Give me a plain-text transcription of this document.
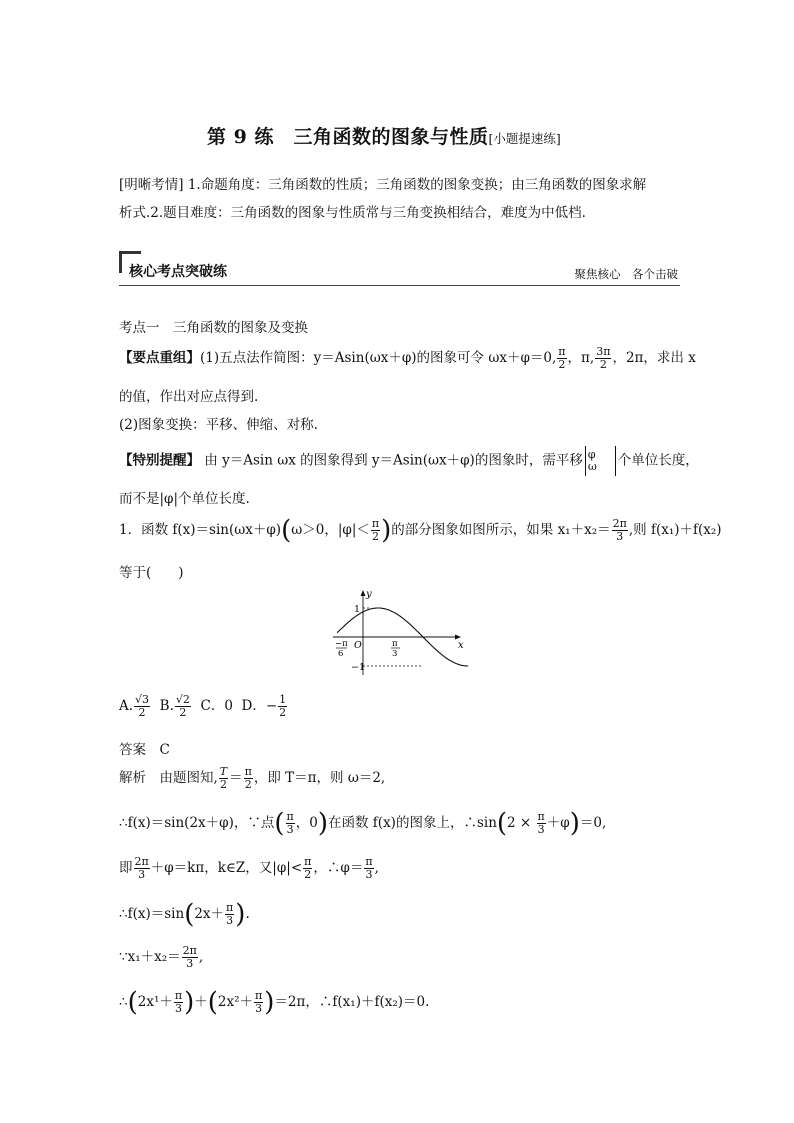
第 9 练　三角函数的图象与性质[小题提速练]
[明晰考情] 1.命题角度：三角函数的性质；三角函数的图象变换；由三角函数的图象求解
析式.2.题目难度：三角函数的图象与性质常与三角变换相结合，难度为中低档.
核心考点突破练	聚焦核心　各个击破
考点一　三角函数的图象及变换
【要点重组】(1)五点法作简图：y＝Asin(ωx＋φ)的图象可令 ωx＋φ＝0, $\frac{\pi}{2}$ ，π, $\frac{3\pi}{2}$ ，2π，求出 x
的值，作出对应点得到.
(2)图象变换：平移、伸缩、对称.
【特别提醒】 由 y＝Asin ωx 的图象得到 y＝Asin(ωx＋φ)的图象时，需平移 φ
ω 个单位长度，
而不是|φ|个单位长度.
1．函数 f(x)＝sin(ωx＋φ)(ω＞0，$|\varphi|< \frac{\pi}{2}$ )的部分图象如图所示，如果 $x_1+x_2= \frac{2\pi}{3}$ ,则 f(x₁)＋f(x₂)
等于(　　)
y
x
1
−1
O
−π
6
π
3
A. $\frac{√3}{2} B$. $\frac{√2}{2}$ C．0 D．− $\frac{1}{2}$
答案　 C
解析　 由题图知, $\frac{T}{2} = \frac{\pi}{2}$ ，即 T＝π，则 ω＝2,
∴f(x)＝sin(2x＋φ)，∵点( $\frac{\pi}{3}$ ，0)在函数 f(x)的图象上，∴sin(2 × $\frac{\pi}{3} +\varphi)=0$,
即 $\frac{2\pi}{3} +\varphi=k\pi$，k∈Z，又$|\varphi|< \frac{\pi}{2}$ ，∴φ＝ $\frac{\pi}{3}$ ,
∴f(x)＝sin(2x＋ $\frac{\pi}{3}$ ).
∵x₁＋x₂＝ $\frac{2\pi}{3}$ ,
∴(2x¹＋ $\frac{\pi}{3} )+(2x^2+ \frac{\pi}{3} )=2\pi$，∴f(x₁)＋f(x₂)＝0.
